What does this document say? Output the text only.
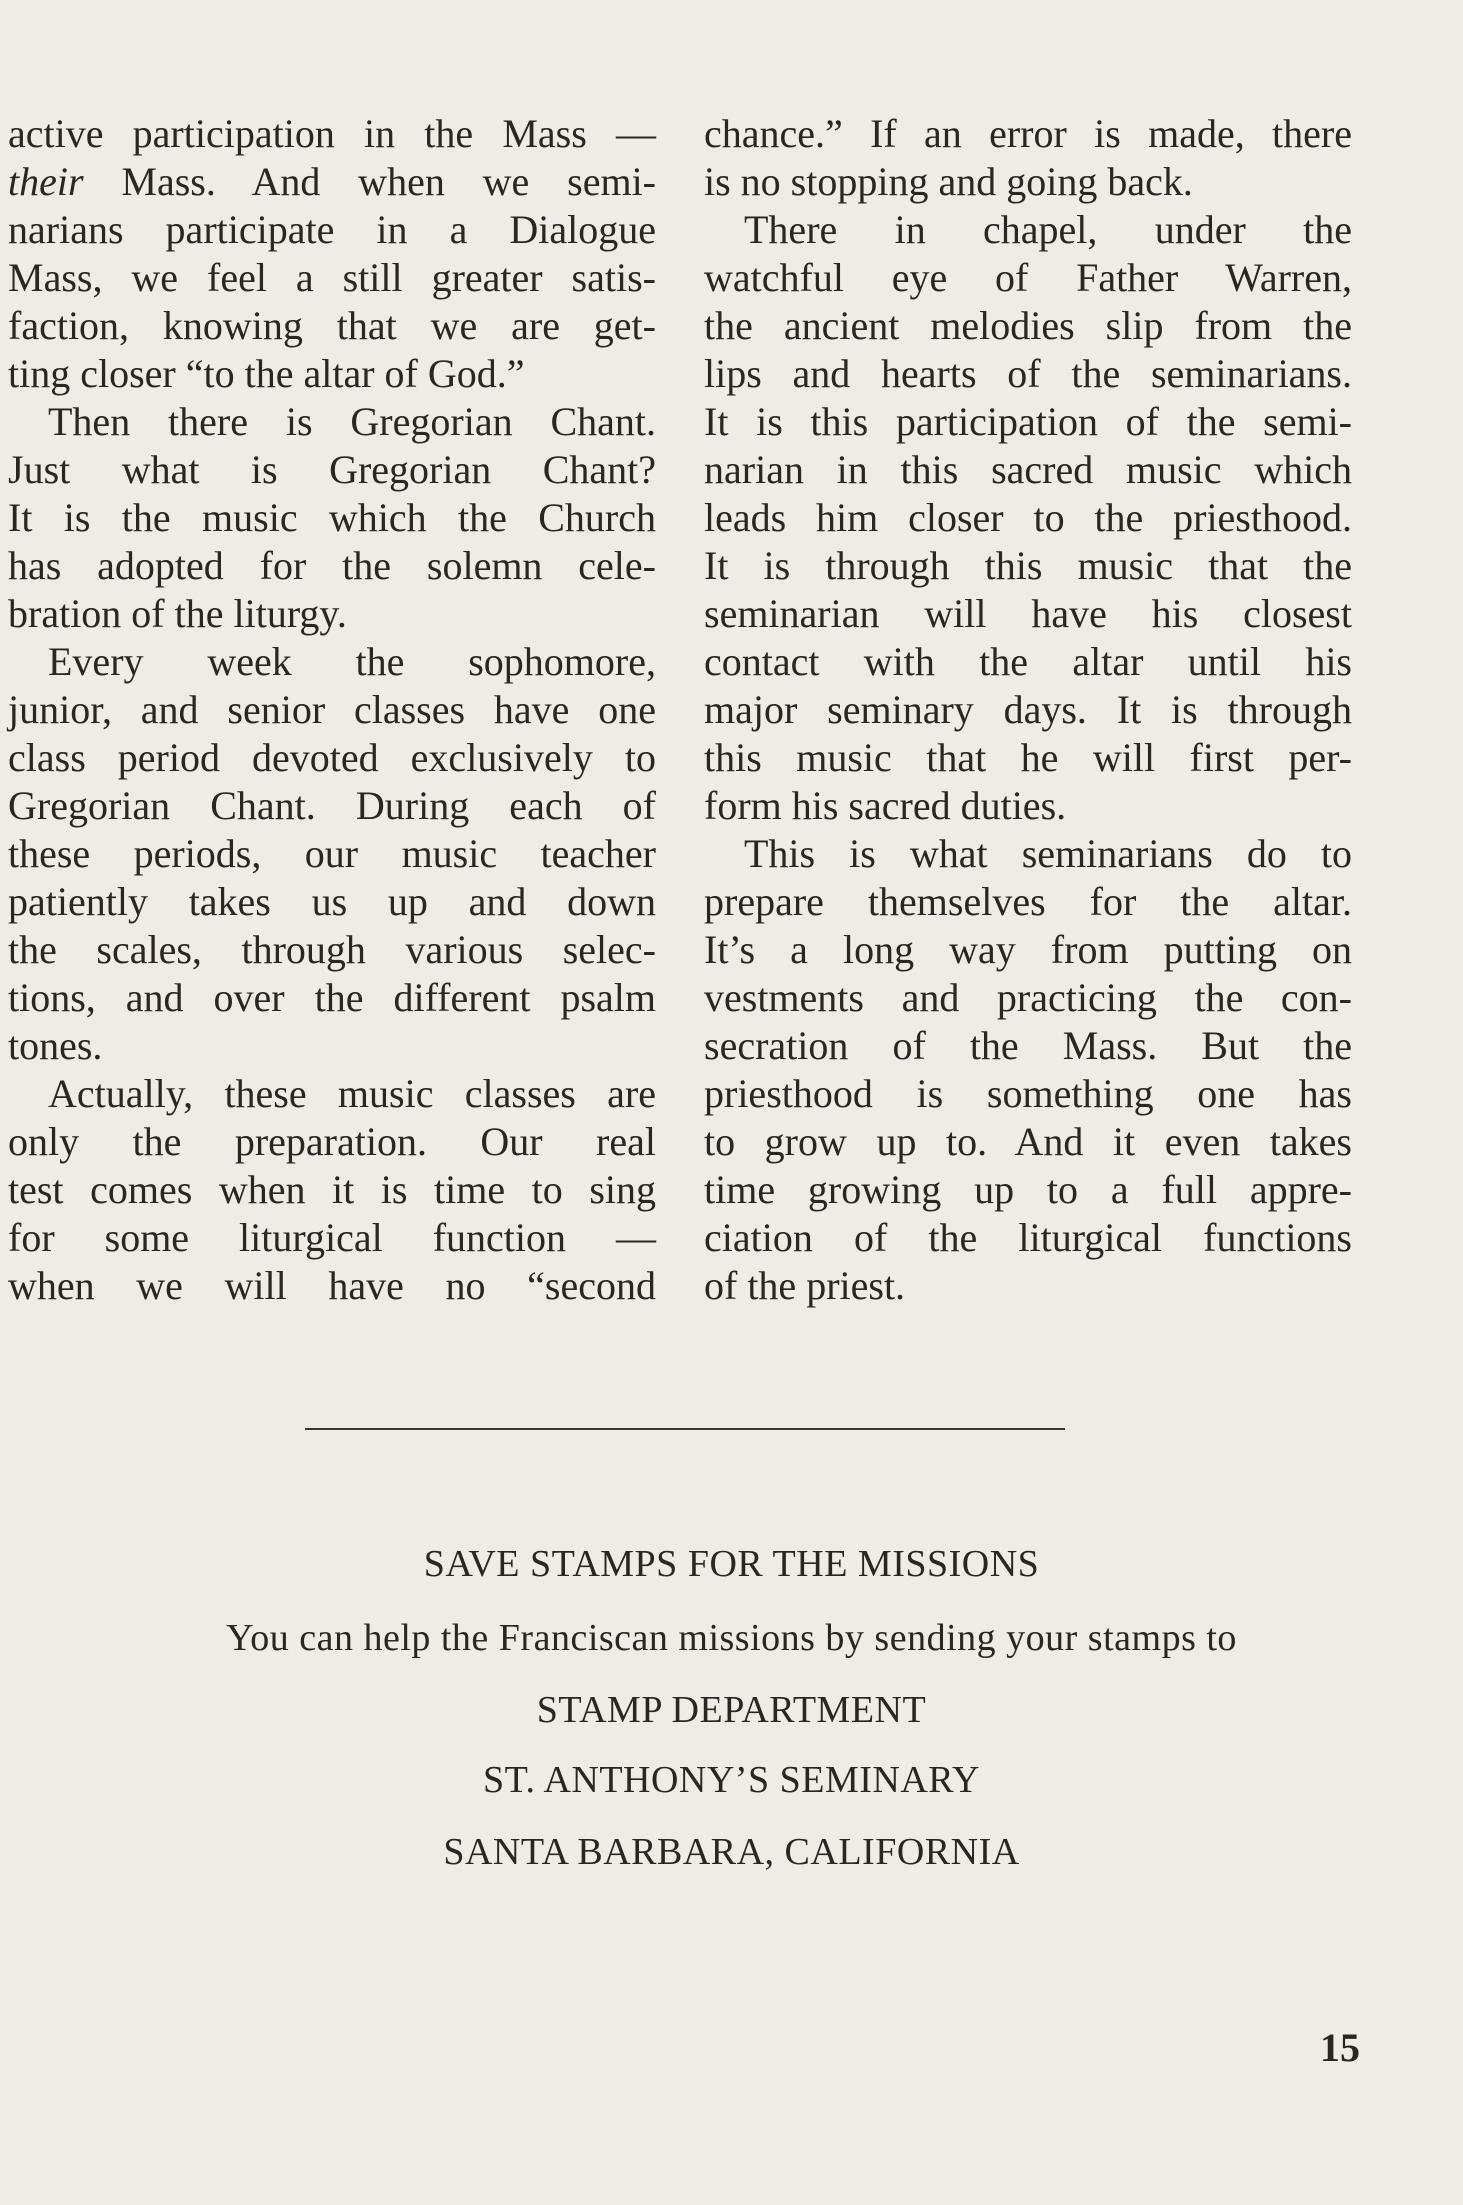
active participation in the Mass —
their Mass. And when we semi-
narians participate in a Dialogue
Mass, we feel a still greater satis-
faction, knowing that we are get-
ting closer “to the altar of God.”
Then there is Gregorian Chant.
Just what is Gregorian Chant?
It is the music which the Church
has adopted for the solemn cele-
bration of the liturgy.
Every week the sophomore,
junior, and senior classes have one
class period devoted exclusively to
Gregorian Chant. During each of
these periods, our music teacher
patiently takes us up and down
the scales, through various selec-
tions, and over the different psalm
tones.
Actually, these music classes are
only the preparation. Our real
test comes when it is time to sing
for some liturgical function —
when we will have no “second
chance.” If an error is made, there
is no stopping and going back.
There in chapel, under the
watchful eye of Father Warren,
the ancient melodies slip from the
lips and hearts of the seminarians.
It is this participation of the semi-
narian in this sacred music which
leads him closer to the priesthood.
It is through this music that the
seminarian will have his closest
contact with the altar until his
major seminary days. It is through
this music that he will first per-
form his sacred duties.
This is what seminarians do to
prepare themselves for the altar.
It’s a long way from putting on
vestments and practicing the con-
secration of the Mass. But the
priesthood is something one has
to grow up to. And it even takes
time growing up to a full appre-
ciation of the liturgical functions
of the priest.
SAVE STAMPS FOR THE MISSIONS
You can help the Franciscan missions by sending your stamps to
STAMP DEPARTMENT
ST. ANTHONY’S SEMINARY
SANTA BARBARA, CALIFORNIA
15
